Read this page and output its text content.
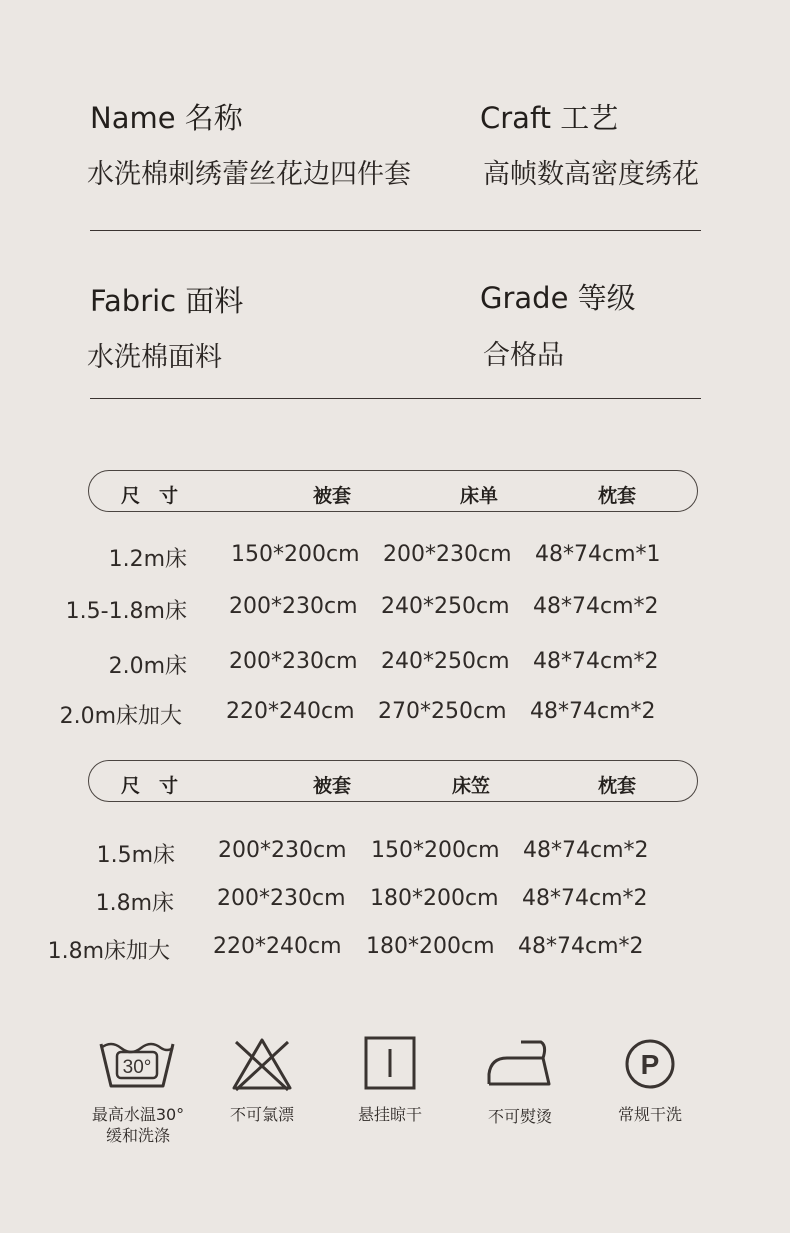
Name 名称	Craft 工艺
水洗棉刺绣蕾丝花边四件套	高帧数高密度绣花
Fabric 面料	Grade 等级
水洗棉面料	合格品
尺　寸	被套	床单	枕套
1.2m床 150*200cm 200*230cm 48*74cm*1
1.5-1.8m床 200*230cm 240*250cm 48*74cm*2
2.0m床 200*230cm 240*250cm 48*74cm*2
2.0m床加大 220*240cm 270*250cm 48*74cm*2
尺　寸	被套	床笠	枕套
1.5m床 200*230cm 150*200cm 48*74cm*2
1.8m床 200*230cm 180*200cm 48*74cm*2
1.8m床加大 220*240cm 180*200cm 48*74cm*2
30°
最高水温30°
缓和洗涤
不可氯漂	悬挂晾干	不可熨烫
P
常规干洗
